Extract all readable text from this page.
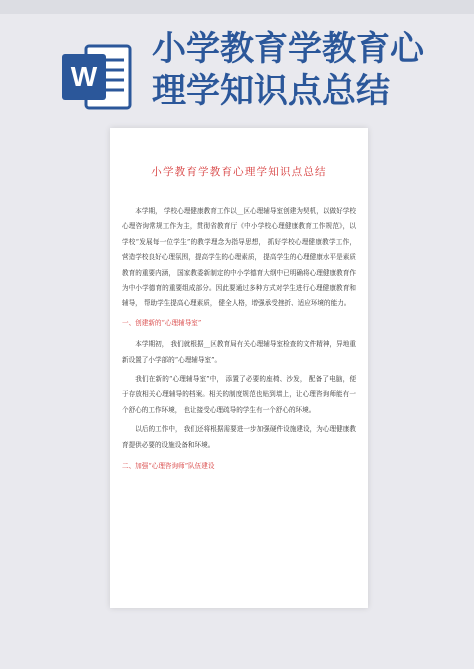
W
小学教育学教育心
理学知识点总结
小学教育学教育心理学知识点总结

本学期， 学校心理健康教育工作以__区心理辅导室创建为契机，以做好学校心理咨询常规工作为主，贯彻省教育厅《中小学校心理健康教育工作规范》，以学校“发展每一位学生”的教学理念为指导思想， 抓好学校心理健康教学工作， 营造学校良好心理氛围，提高学生的心理素质， 提高学生的心理健康水平是素质教育的重要内涵， 国家教委新制定的中小学德育大纲中已明确将心理健康教育作为中小学德育的重要组成部分。因此要通过多种方式对学生进行心理健康教育和辅导， 帮助学生提高心理素质， 健全人格，增强承受挫折、适应环境的能力。

一、创建新的“心理辅导室”

本学期初， 我们就根据__区教育局有关心理辅导室检查的文件精神，异地重新设置了小学部的“心理辅导室”。

我们在新的“心理辅导室”中， 添置了必要的座椅、沙发， 配备了电脑，便于存放相关心理辅导的档案。相关的制度规范也贴到墙上，让心理咨询师能有一个舒心的工作环境， 也让接受心理疏导的学生有一个舒心的环境。

以后的工作中， 我们还将根据需要进一步加强硬件设施建设，为心理健康教育提供必要的设施设备和环境。

二、加强“心理咨询师”队伍建设
